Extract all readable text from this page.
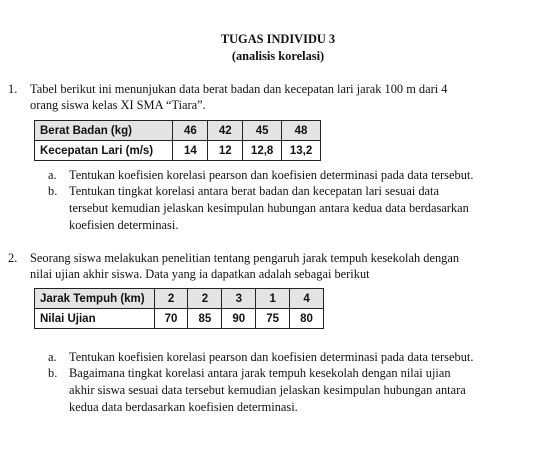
TUGAS INDIVIDU 3
(analisis korelasi)
1. Tabel berikut ini menunjukan data berat badan dan kecepatan lari jarak 100 m dari 4
orang siswa kelas XI SMA “Tiara”.
Berat Badan (kg)	46	42	45	48
Kecepatan Lari (m/s)	14	12	12,8	13,2
a. Tentukan koefisien korelasi pearson dan koefisien determinasi pada data tersebut.
b. Tentukan tingkat korelasi antara berat badan dan kecepatan lari sesuai data
tersebut kemudian jelaskan kesimpulan hubungan antara kedua data berdasarkan
koefisien determinasi.
2. Seorang siswa melakukan penelitian tentang pengaruh jarak tempuh kesekolah dengan
nilai ujian akhir siswa. Data yang ia dapatkan adalah sebagai berikut
Jarak Tempuh (km)	2	2	3	1	4
Nilai Ujian	70	85	90	75	80
a. Tentukan koefisien korelasi pearson dan koefisien determinasi pada data tersebut.
b. Bagaimana tingkat korelasi antara jarak tempuh kesekolah dengan nilai ujian
akhir siswa sesuai data tersebut kemudian jelaskan kesimpulan hubungan antara
kedua data berdasarkan koefisien determinasi.
